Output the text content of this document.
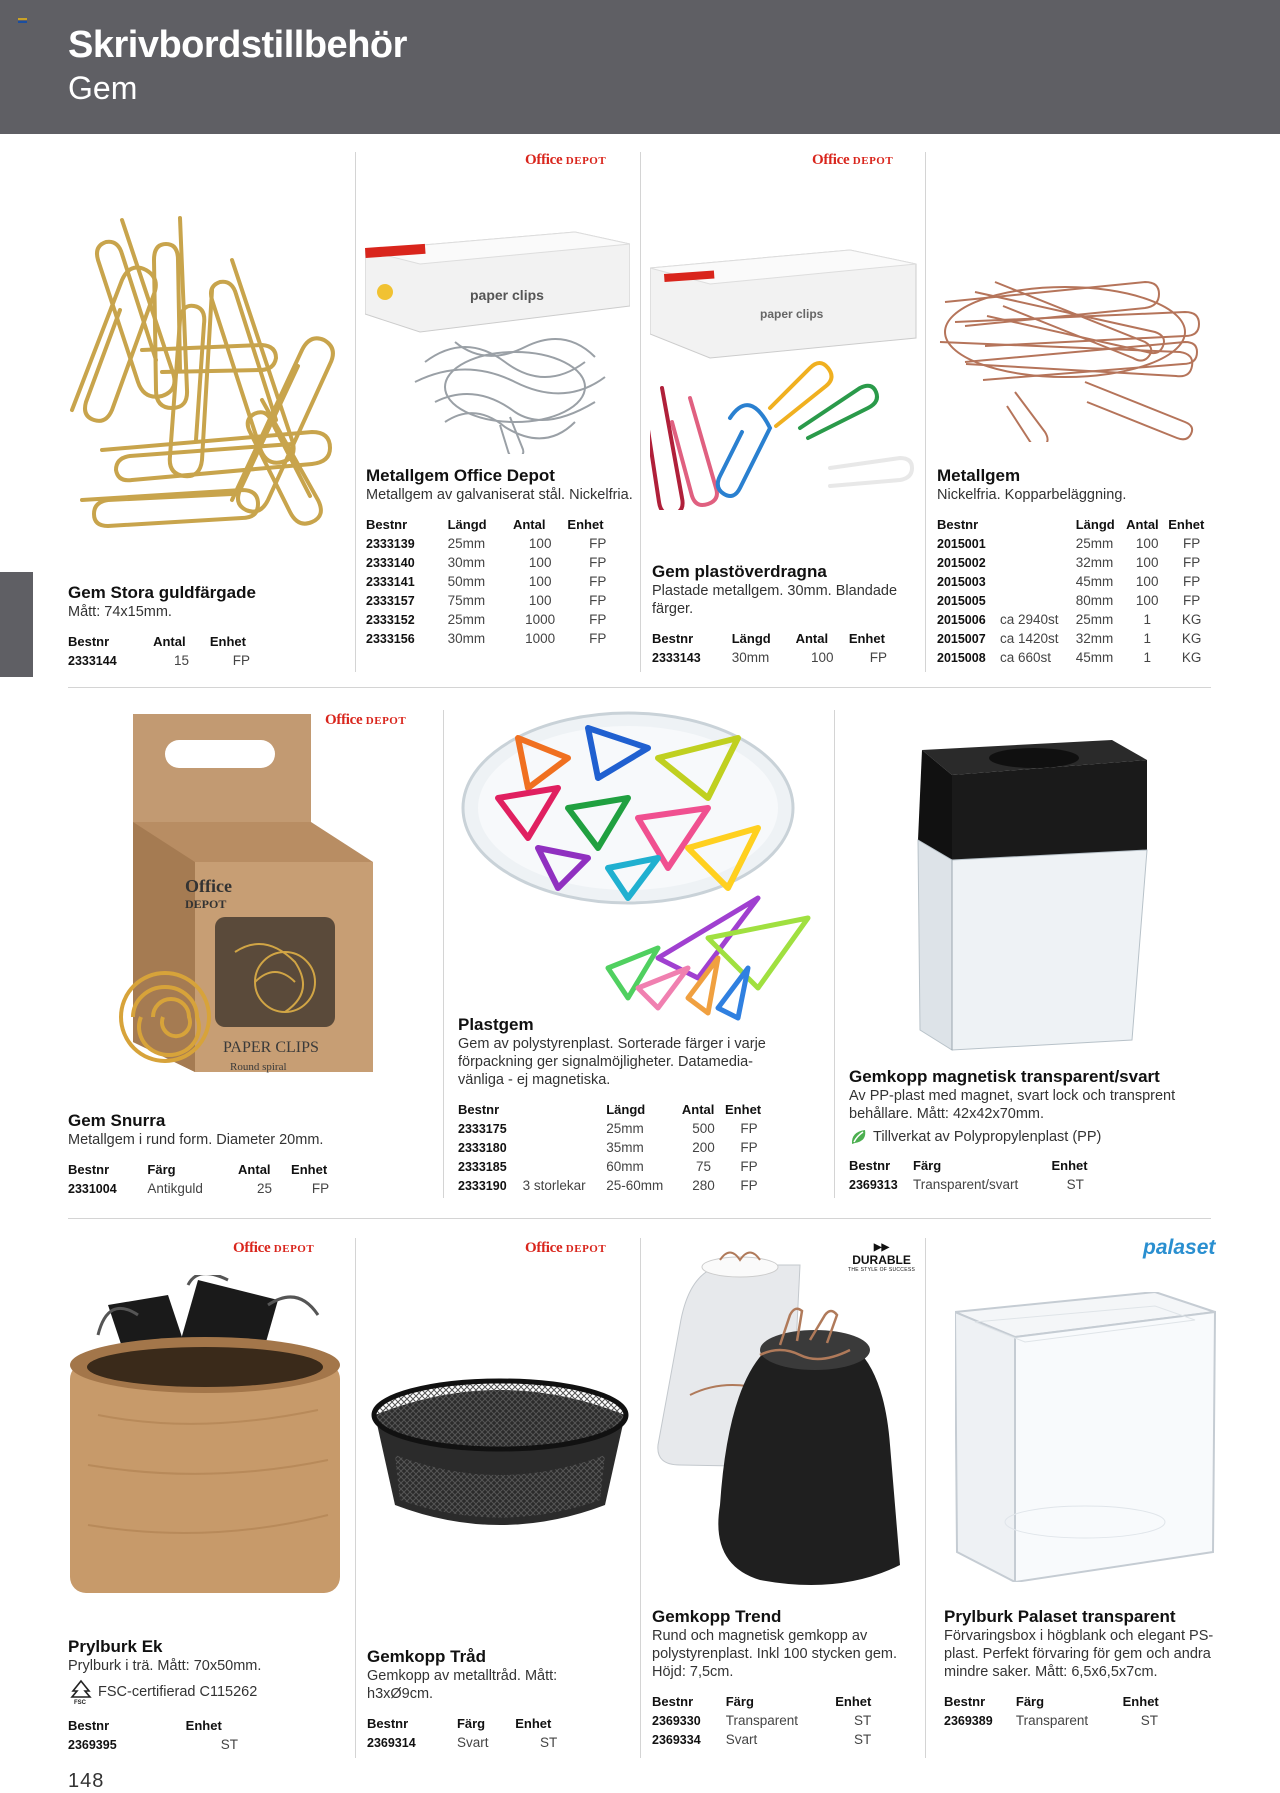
Skrivbordstillbehör
Gem
Gem Stora guldfärgade
Mått: 74x15mm.
Bestnr	Antal	Enhet
2333144	15	FP
Office DEPOT
paper clips
Metallgem Office Depot
Metallgem av galvaniserat stål. Nickelfria.
Bestnr	Längd	Antal	Enhet
2333139	25mm	100	FP
2333140	30mm	100	FP
2333141	50mm	100	FP
2333157	75mm	100	FP
2333152	25mm	1000	FP
2333156	30mm	1000	FP
Office DEPOT
paper clips
Gem plastöverdragna
Plastade metallgem. 30mm. Blandade färger.
Bestnr	Längd	Antal	Enhet
2333143	30mm	100	FP
Metallgem
Nickelfria. Kopparbeläggning.
Bestnr		Längd	Antal	Enhet
2015001		25mm	100	FP
2015002		32mm	100	FP
2015003		45mm	100	FP
2015005		80mm	100	FP
2015006	ca 2940st	25mm	1	KG
2015007	ca 1420st	32mm	1	KG
2015008	ca 660st	45mm	1	KG
Office DEPOT
Office
DEPOT
PAPER CLIPS
Round spiral
Gem Snurra
Metallgem i rund form. Diameter 20mm.
Bestnr	Färg	Antal	Enhet
2331004	Antikguld	25	FP
Plastgem
Gem av polystyrenplast. Sorterade färger i varje förpackning ger signalmöjligheter. Datamedia-vänliga - ej magnetiska.
Bestnr		Längd	Antal	Enhet
2333175		25mm	500	FP
2333180		35mm	200	FP
2333185		60mm	75	FP
2333190	3 storlekar	25-60mm	280	FP
Gemkopp magnetisk transparent/svart
Av PP-plast med magnet, svart lock och transprent behållare. Mått: 42x42x70mm.
Tillverkat av Polypropylenplast (PP)
Bestnr	Färg	Enhet
2369313	Transparent/svart	ST
Office DEPOT
Prylburk Ek
Prylburk i trä. Mått: 70x50mm.
FSC
FSC-certifierad C115262
Bestnr	Enhet
2369395	ST
Office DEPOT
Gemkopp Tråd
Gemkopp av metalltråd. Mått: h3xØ9cm.
Bestnr	Färg	Enhet
2369314	Svart	ST
▶▶
DURABLE
THE STYLE OF SUCCESS
Gemkopp Trend
Rund och magnetisk gemkopp av polystyrenplast. Inkl 100 stycken gem. Höjd: 7,5cm.
Bestnr	Färg	Enhet
2369330	Transparent	ST
2369334	Svart	ST
palaset
Prylburk Palaset transparent
Förvaringsbox i högblank och elegant PS-plast. Perfekt förvaring för gem och andra mindre saker. Mått: 6,5x6,5x7cm.
Bestnr	Färg	Enhet
2369389	Transparent	ST
148
